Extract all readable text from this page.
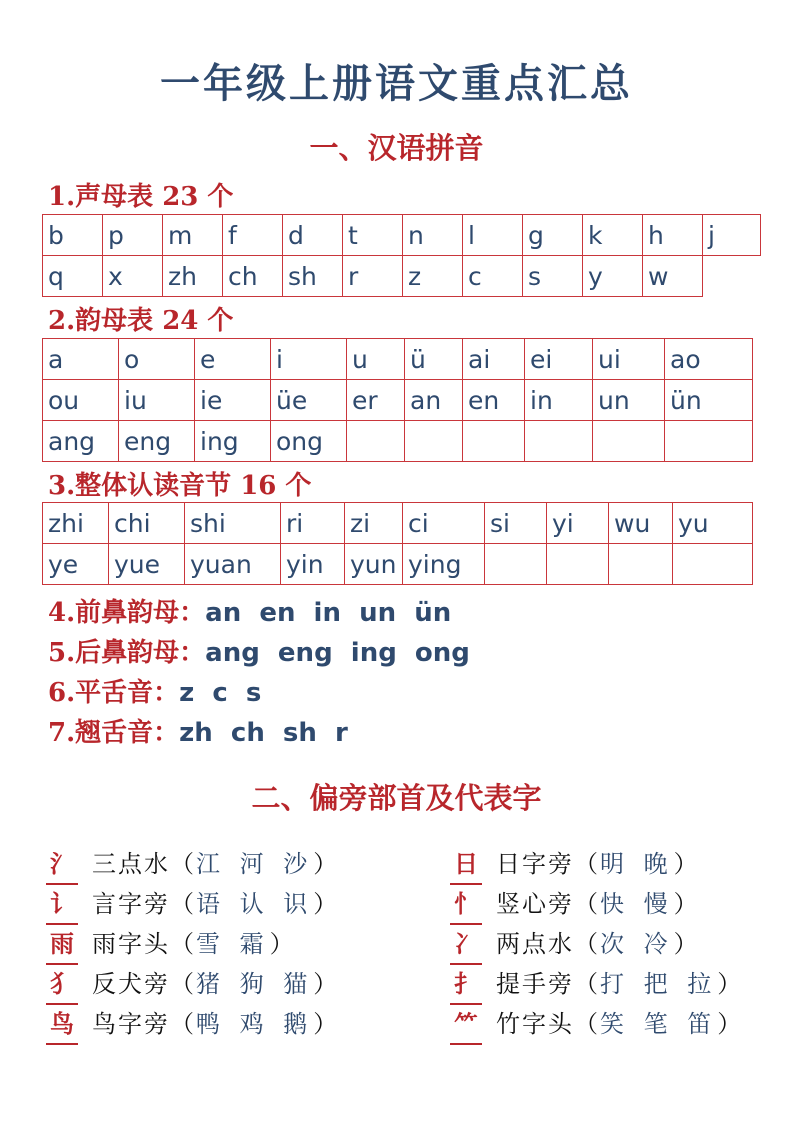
一年级上册语文重点汇总
一、汉语拼音
1.声母表 23 个
b	p	m	f	d	t	n	l	g	k	h	j
q	x	zh	ch	sh	r	z	c	s	y	w	
2.韵母表 24 个
a	o	e	i	u	ü	ai	ei	ui	ao
ou	iu	ie	üe	er	an	en	in	un	ün
ang	eng	ing	ong						
3.整体认读音节 16 个
zhi	chi	shi	ri	zi	ci	si	yi	wu	yu
ye	yue	yuan	yin	yun	ying				
4.前鼻韵母：an  en  in  un  ün
5.后鼻韵母：ang  eng  ing  ong
6.平舌音：z  c  s
7.翘舌音：zh  ch  sh  r
二、偏旁部首及代表字
氵 三点水（江 河 沙）
讠 言字旁（语 认 识）
雨 雨字头（雪 霜）
犭 反犬旁（猪 狗 猫）
鸟 鸟字旁（鸭 鸡 鹅）
日 日字旁（明 晚）
忄 竖心旁（快 慢）
冫 两点水（次 冷）
扌 提手旁（打 把 拉）
⺮ 竹字头（笑 笔 笛）
